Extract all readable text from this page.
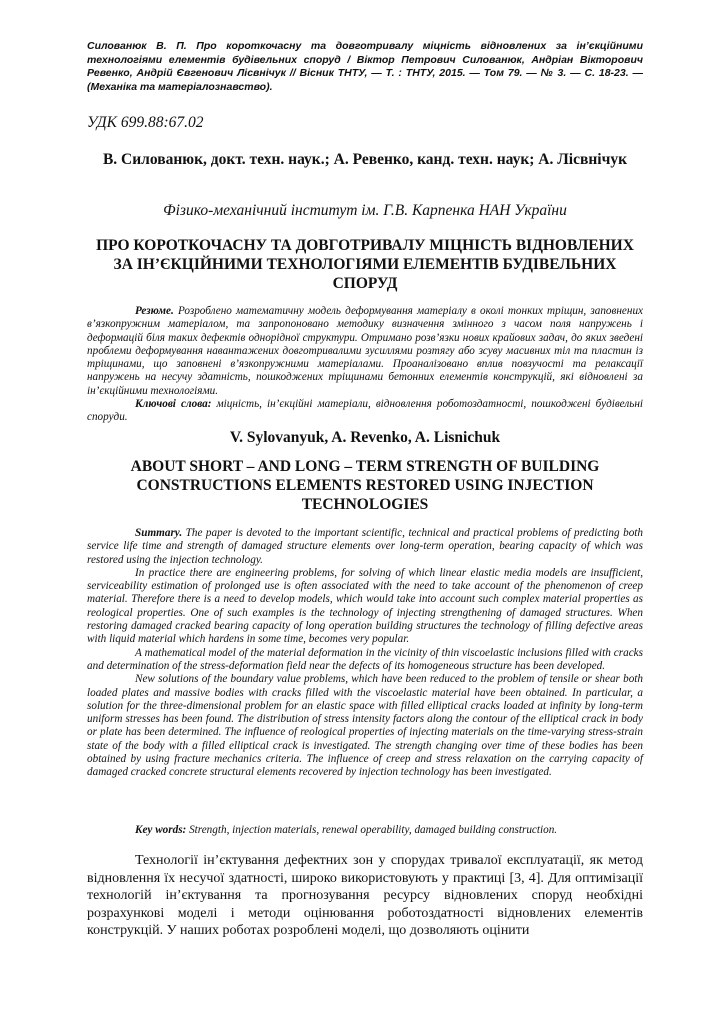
Силованюк В. П. Про короткочасну та довготривалу міцність відновлених за ін’єкційними технологіями елементів будівельних споруд / Віктор Петрович Силованюк, Андріан Вікторович Ревенко, Андрій Євгенович Лісвнічук // Вісник ТНТУ, — Т. : ТНТУ, 2015. — Том 79. — № 3. — С. 18-23. — (Механіка та матеріалознавство).
УДК 699.88:67.02
В. Силованюк, докт. техн. наук.; А. Ревенко, канд. техн. наук; А. Лісвнічук
Фізико-механічний інститут ім. Г.В. Карпенка НАН України
ПРО КОРОТКОЧАСНУ ТА ДОВГОТРИВАЛУ МІЦНІСТЬ ВІДНОВЛЕНИХ ЗА ІН’ЄКЦІЙНИМИ ТЕХНОЛОГІЯМИ ЕЛЕМЕНТІВ БУДІВЕЛЬНИХ СПОРУД

Резюме. Розроблено математичну модель деформування матеріалу в околі тонких тріщин, заповнених в’язкопружним матеріалом, та запропоновано методику визначення змінного з часом поля напружень і деформацій біля таких дефектів однорідної структури. Отримано розв’язки нових крайових задач, до яких зведені проблеми деформування навантажених довготривалими зусиллями розтягу або зсуву масивних тіл та пластин із тріщинами, що заповнені в’язкопружними матеріалами. Проаналізовано вплив повзучості та релаксації напружень на несучу здатність, пошкоджених тріщинами бетонних елементів конструкцій, які відновлені за ін’єкційними технологіями.

Ключові слова: міцність, ін’єкційні матеріали, відновлення роботоздатності, пошкоджені будівельні споруди.

V. Sylovanyuk, A. Revenko, A. Lisnichuk
ABOUT SHORT – AND LONG – TERM STRENGTH OF BUILDING CONSTRUCTIONS ELEMENTS RESTORED USING INJECTION TECHNOLOGIES

Summary. The paper is devoted to the important scientific, technical and practical problems of predicting both service life time and strength of damaged structure elements over long-term operation, bearing capacity of which was restored using the injection technology.

In practice there are engineering problems, for solving of which linear elastic media models are insufficient, serviceability estimation of prolonged use is often associated with the need to take account of the phenomenon of creep material. Therefore there is a need to develop models, which would take into account such complex material properties as reological properties. One of such examples is the technology of injecting strengthening of damaged structures. When restoring damaged cracked bearing capacity of long operation building structures the technology of filling defective areas with liquid material which hardens in some time, becomes very popular.

A mathematical model of the material deformation in the vicinity of thin viscoelastic inclusions filled with cracks and determination of the stress-deformation field near the defects of its homogeneous structure has been developed.

New solutions of the boundary value problems, which have been reduced to the problem of tensile or shear both loaded plates and massive bodies with cracks filled with the viscoelastic material have been obtained. In particular, a solution for the three-dimensional problem for an elastic space with filled elliptical cracks loaded at infinity by long-term uniform stresses has been found. The distribution of stress intensity factors along the contour of the elliptical crack in body or plate has been determined. The influence of reological properties of injecting materials on the time-varying stress-strain state of the body with a filled elliptical crack is investigated. The strength changing over time of these bodies has been obtained by using fracture mechanics criteria. The influence of creep and stress relaxation on the carrying capacity of damaged cracked concrete structural elements recovered by injection technology has been investigated.

Key words: Strength, injection materials, renewal operability, damaged building construction.

Технології ін’єктування дефектних зон у спорудах тривалої експлуатації, як метод відновлення їх несучої здатності, широко використовують у практиці [3, 4]. Для оптимізації технологій ін’єктування та прогнозування ресурсу відновлених споруд необхідні розрахункові моделі і методи оцінювання роботоздатності відновлених елементів конструкцій. У наших роботах розроблені моделі, що дозволяють оцінити
